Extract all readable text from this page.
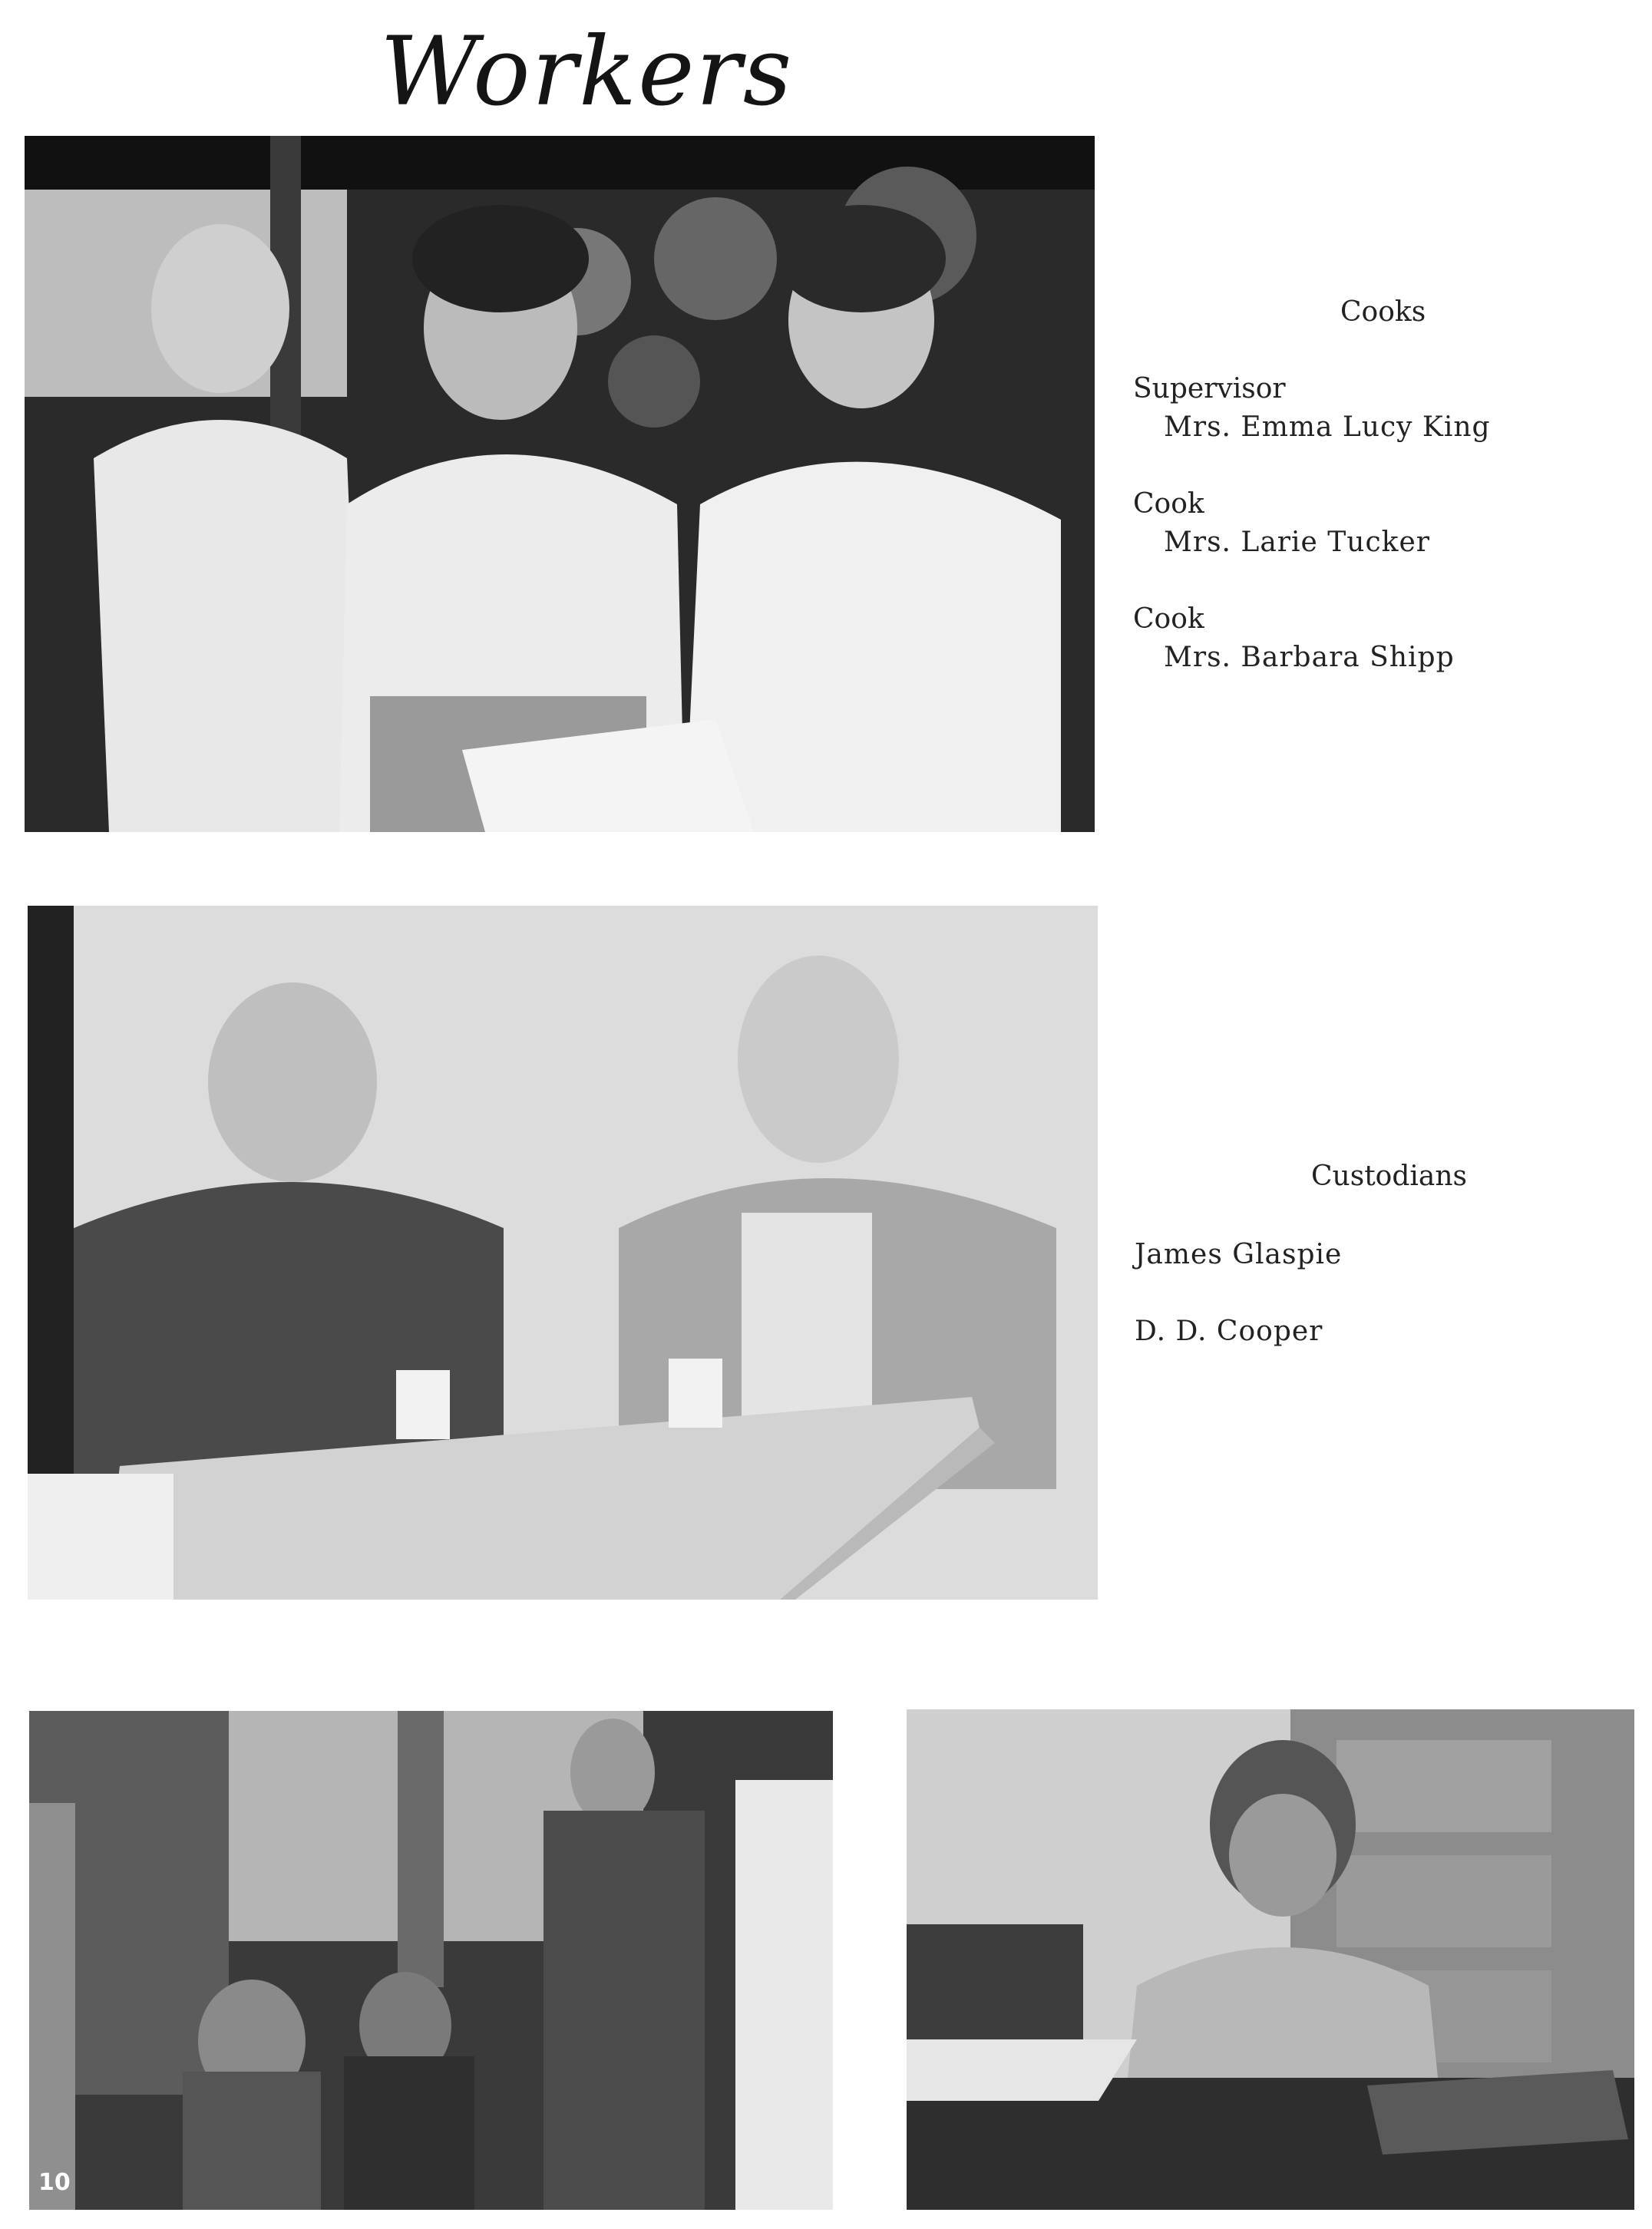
Workers
Cooks
Supervisor
Mrs. Emma Lucy King
Cook
Mrs. Larie Tucker
Cook
Mrs. Barbara Shipp
Custodians
James Glaspie
D. D. Cooper
10
